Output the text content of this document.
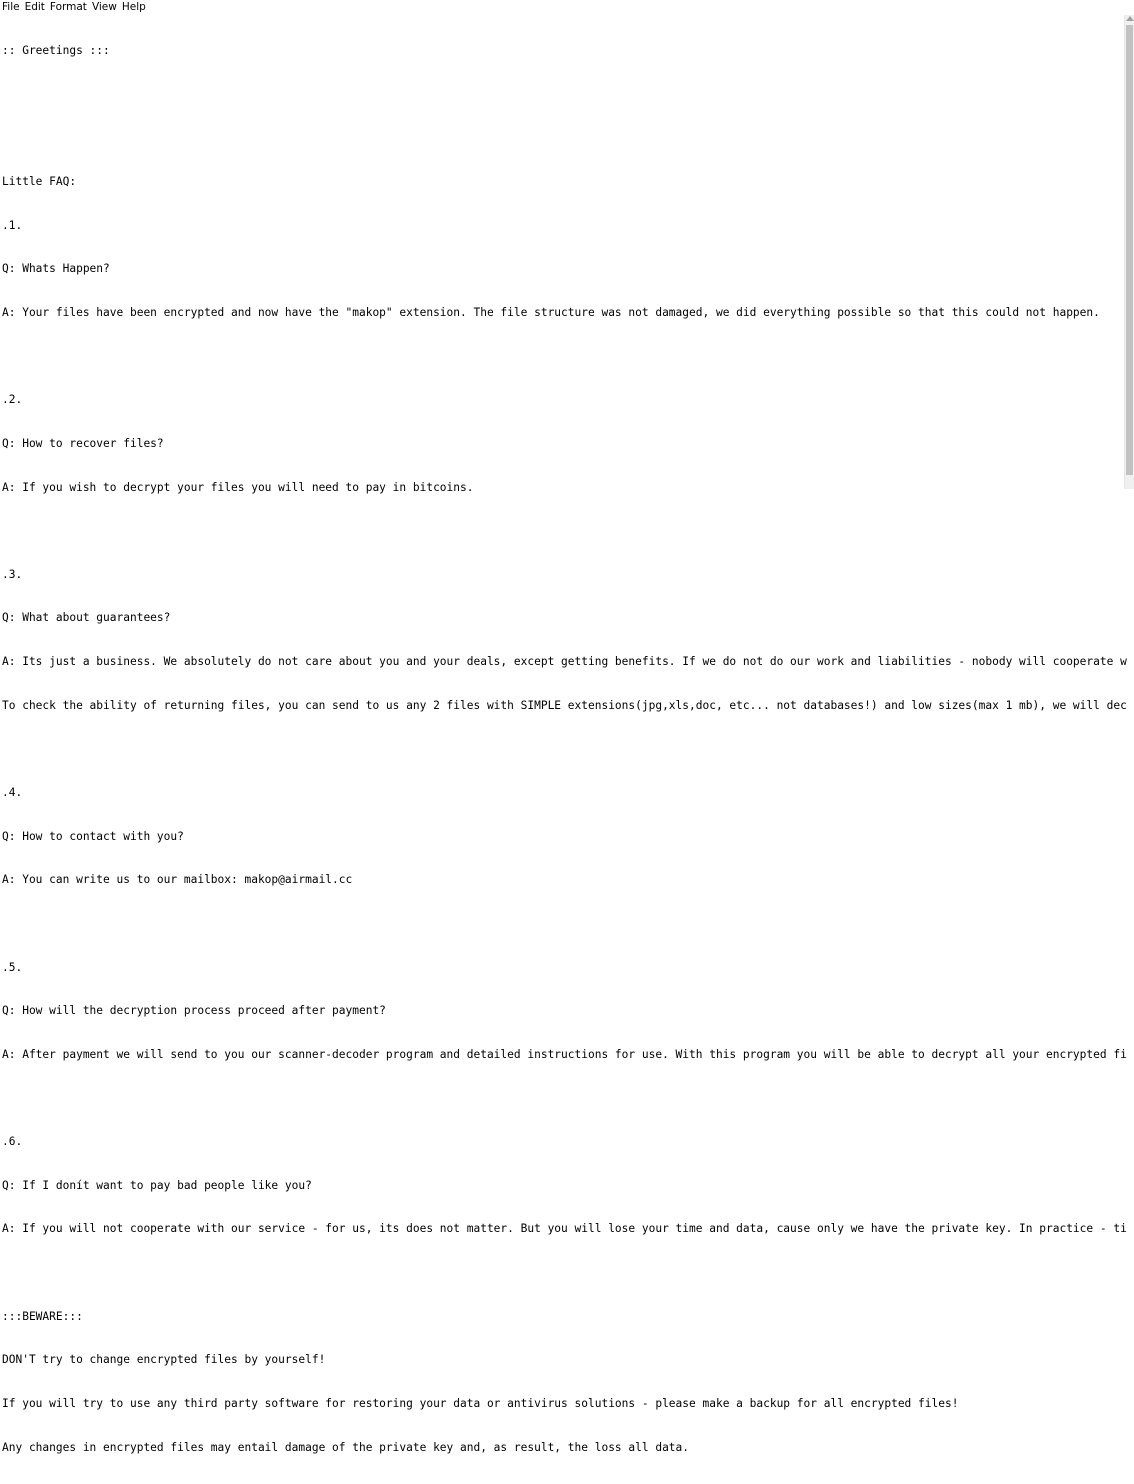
File Edit Format View Help

:: Greetings :::

Little FAQ:

.1.

Q: Whats Happen?

A: Your files have been encrypted and now have the "makop" extension. The file structure was not damaged, we did everything possible so that this could not happen.

.2.

Q: How to recover files?

A: If you wish to decrypt your files you will need to pay in bitcoins.

.3.

Q: What about guarantees?

A: Its just a business. We absolutely do not care about you and your deals, except getting benefits. If we do not do our work and liabilities - nobody will cooperate w

To check the ability of returning files, you can send to us any 2 files with SIMPLE extensions(jpg,xls,doc, etc... not databases!) and low sizes(max 1 mb), we will dec

.4.

Q: How to contact with you?

A: You can write us to our mailbox: makop@airmail.cc

.5.

Q: How will the decryption process proceed after payment?

A: After payment we will send to you our scanner-decoder program and detailed instructions for use. With this program you will be able to decrypt all your encrypted fi

.6.

Q: If I donít want to pay bad people like you?

A: If you will not cooperate with our service - for us, its does not matter. But you will lose your time and data, cause only we have the private key. In practice - ti

:::BEWARE:::

DON'T try to change encrypted files by yourself!

If you will try to use any third party software for restoring your data or antivirus solutions - please make a backup for all encrypted files!

Any changes in encrypted files may entail damage of the private key and, as result, the loss all data.
